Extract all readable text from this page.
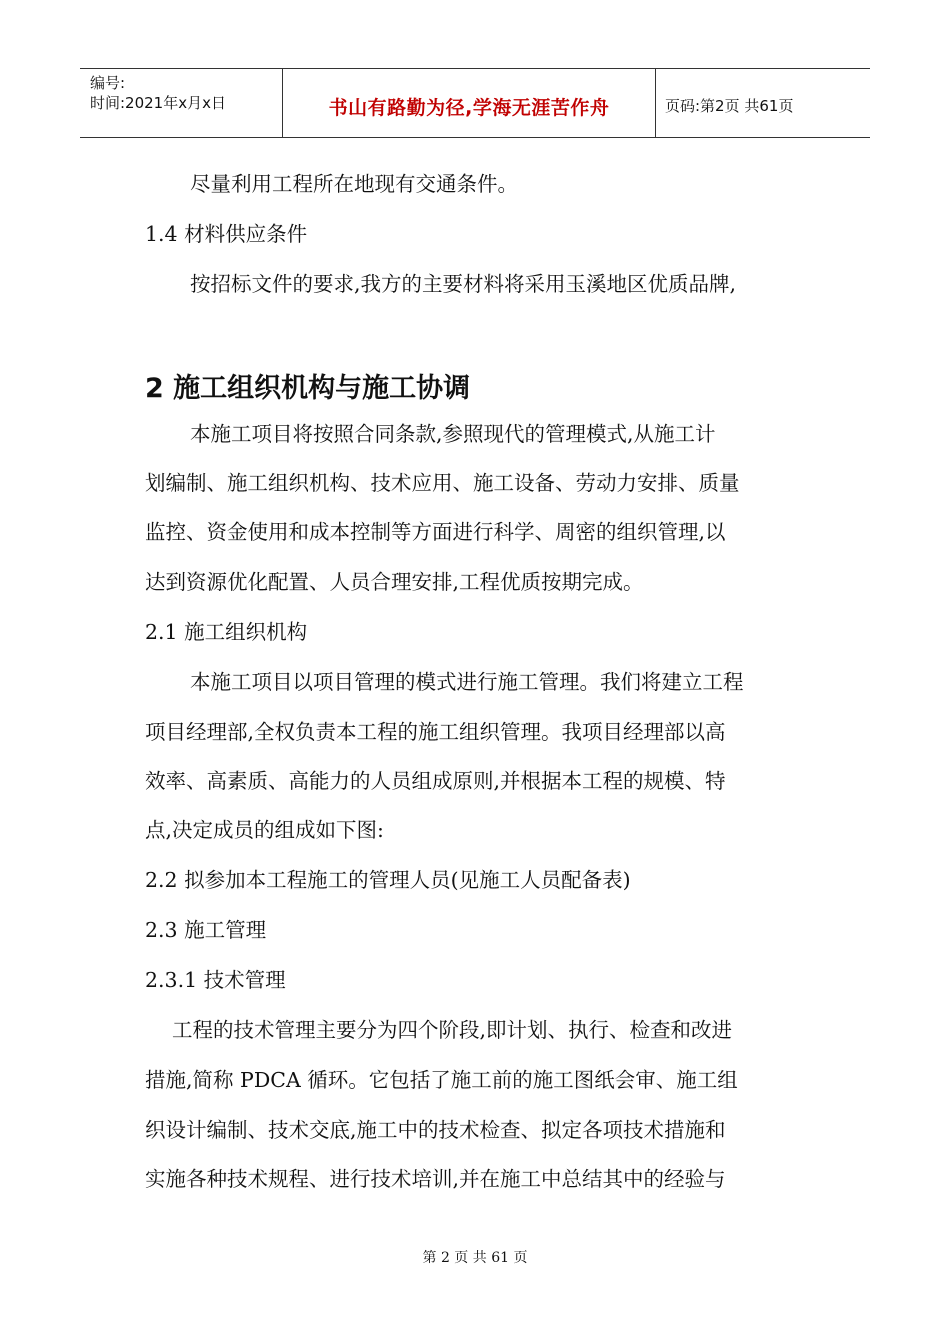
编号:
时间:2021年x月x日	书山有路勤为径,学海无涯苦作舟	页码:第2页 共61页
尽量利用工程所在地现有交通条件。
1.4 材料供应条件
按招标文件的要求,我方的主要材料将采用玉溪地区优质品牌,
2 施工组织机构与施工协调
本施工项目将按照合同条款,参照现代的管理模式,从施工计
划编制、施工组织机构、技术应用、施工设备、劳动力安排、质量
监控、资金使用和成本控制等方面进行科学、周密的组织管理,以
达到资源优化配置、人员合理安排,工程优质按期完成。
2.1 施工组织机构
本施工项目以项目管理的模式进行施工管理。我们将建立工程
项目经理部,全权负责本工程的施工组织管理。我项目经理部以高
效率、高素质、高能力的人员组成原则,并根据本工程的规模、特
点,决定成员的组成如下图:
2.2 拟参加本工程施工的管理人员(见施工人员配备表)
2.3 施工管理
2.3.1 技术管理
工程的技术管理主要分为四个阶段,即计划、执行、检查和改进
措施,简称 PDCA 循环。它包括了施工前的施工图纸会审、施工组
织设计编制、技术交底,施工中的技术检查、拟定各项技术措施和
实施各种技术规程、进行技术培训,并在施工中总结其中的经验与
第 2 页 共 61 页
